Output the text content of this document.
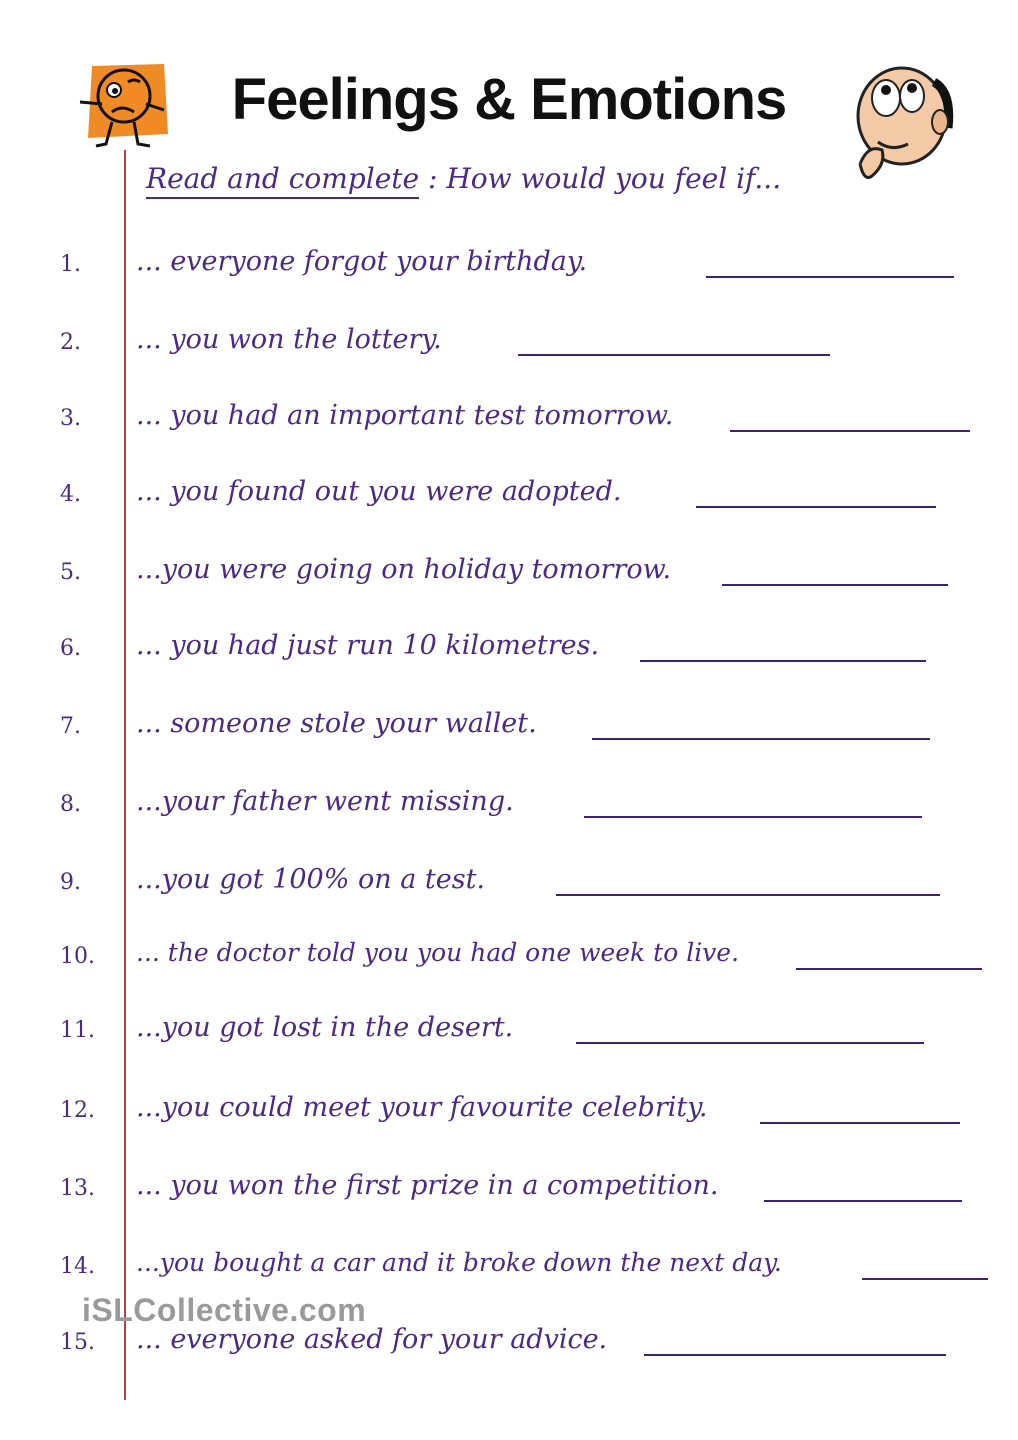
Feelings & Emotions
Read and complete : How would you feel if...
1.	... everyone forgot your birthday.
2.	... you won the lottery.
3.	... you had an important test tomorrow.
4.	... you found out you were adopted.
5.	...you were going on holiday tomorrow.
6.	... you had just run 10 kilometres.
7.	... someone stole your wallet.
8.	...your father went missing.
9.	...you got 100% on a test.
10. ... the doctor told you you had one week to live.
11. ...you got lost in the desert.
12. ...you could meet your favourite celebrity.
13. ... you won the first prize in a competition.
14. ...you bought a car and it broke down the next day.
15. ... everyone asked for your advice.
iSLCollective.com
